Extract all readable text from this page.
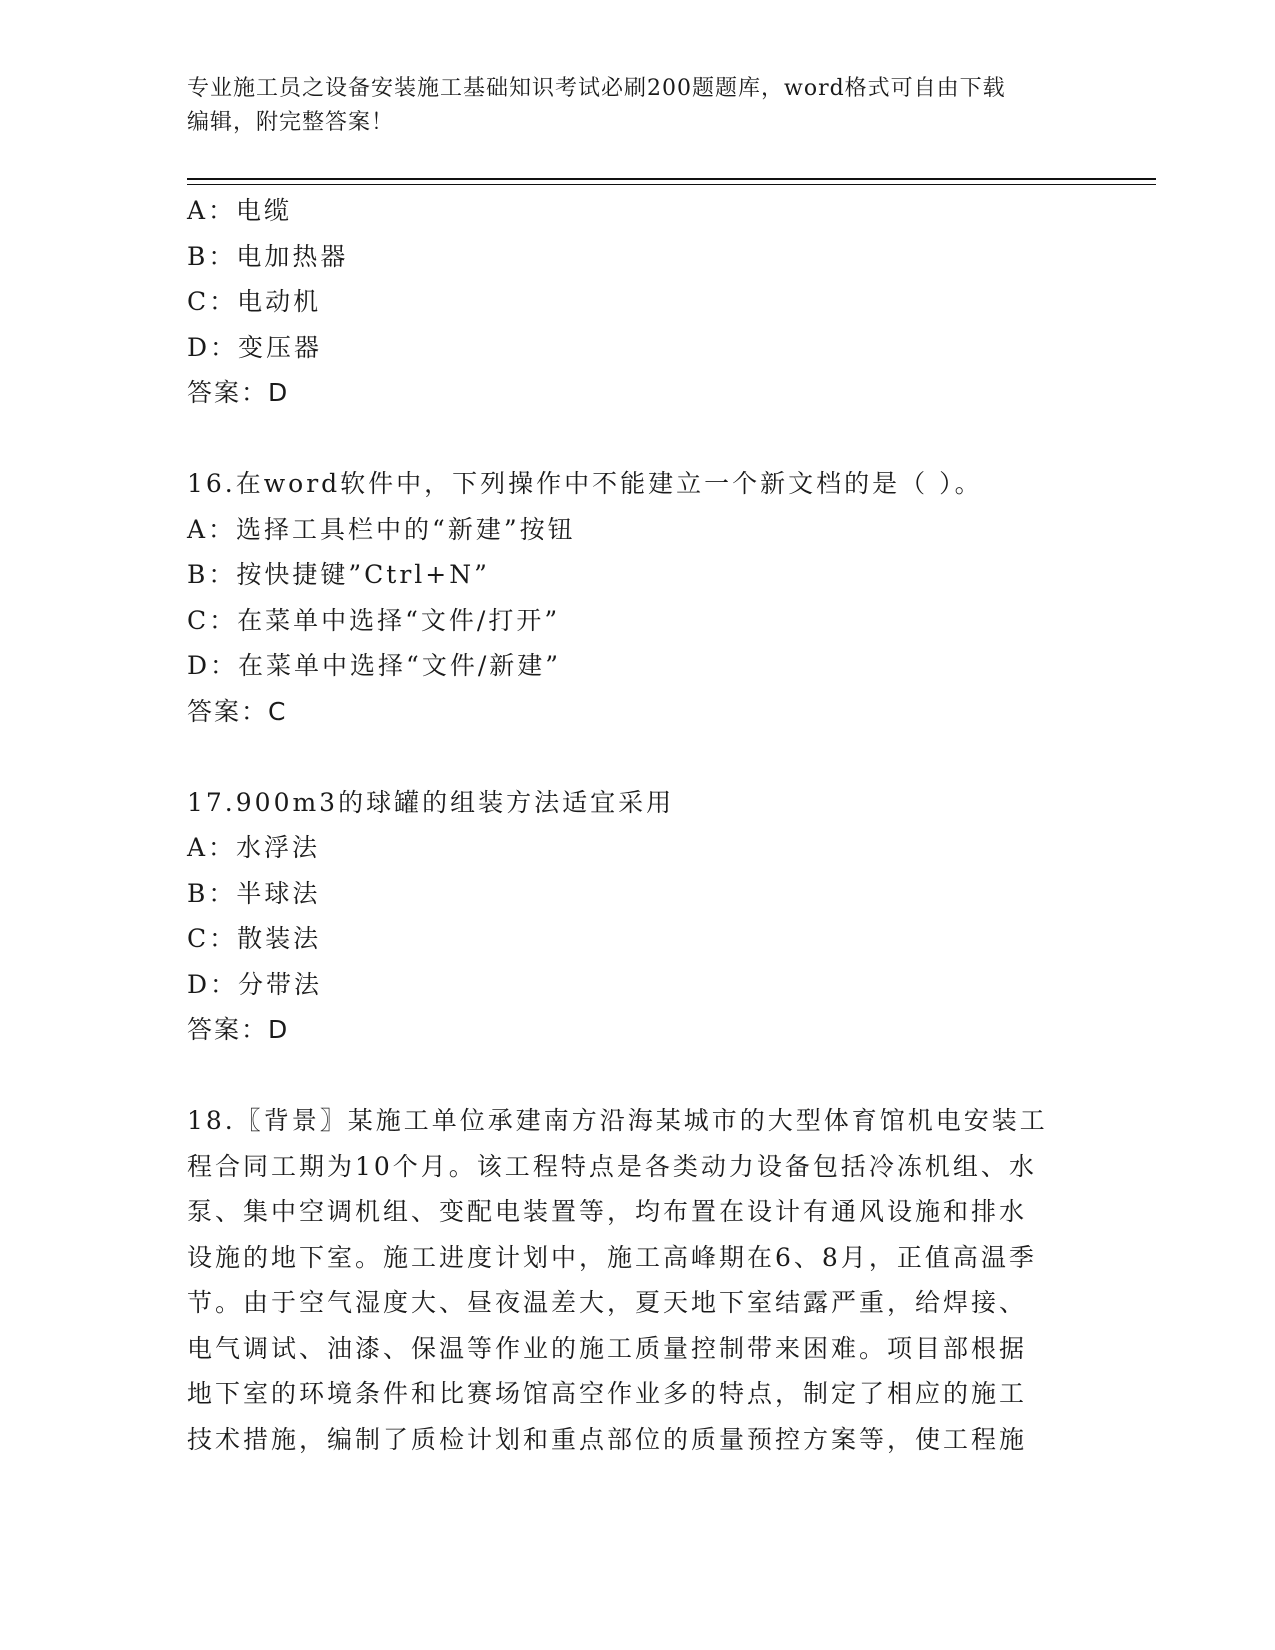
专业施工员之设备安装施工基础知识考试必刷200题题库，word格式可自由下载
编辑，附完整答案！
A：电缆
B：电加热器
C：电动机
D：变压器
答案：D
16.在word软件中，下列操作中不能建立一个新文档的是（ ）。
A：选择工具栏中的“新建”按钮
B：按快捷键”Ctrl+N”
C：在菜单中选择“文件/打开”
D：在菜单中选择“文件/新建”
答案：C
17.900m3的球罐的组装方法适宜采用
A：水浮法
B：半球法
C：散装法
D：分带法
答案：D
18.〖背景〗某施工单位承建南方沿海某城市的大型体育馆机电安装工
程合同工期为10个月。该工程特点是各类动力设备包括冷冻机组、水
泵、集中空调机组、变配电装置等，均布置在设计有通风设施和排水
设施的地下室。施工进度计划中，施工高峰期在6、8月，正值高温季
节。由于空气湿度大、昼夜温差大，夏天地下室结露严重，给焊接、
电气调试、油漆、保温等作业的施工质量控制带来困难。项目部根据
地下室的环境条件和比赛场馆高空作业多的特点，制定了相应的施工
技术措施，编制了质检计划和重点部位的质量预控方案等，使工程施
